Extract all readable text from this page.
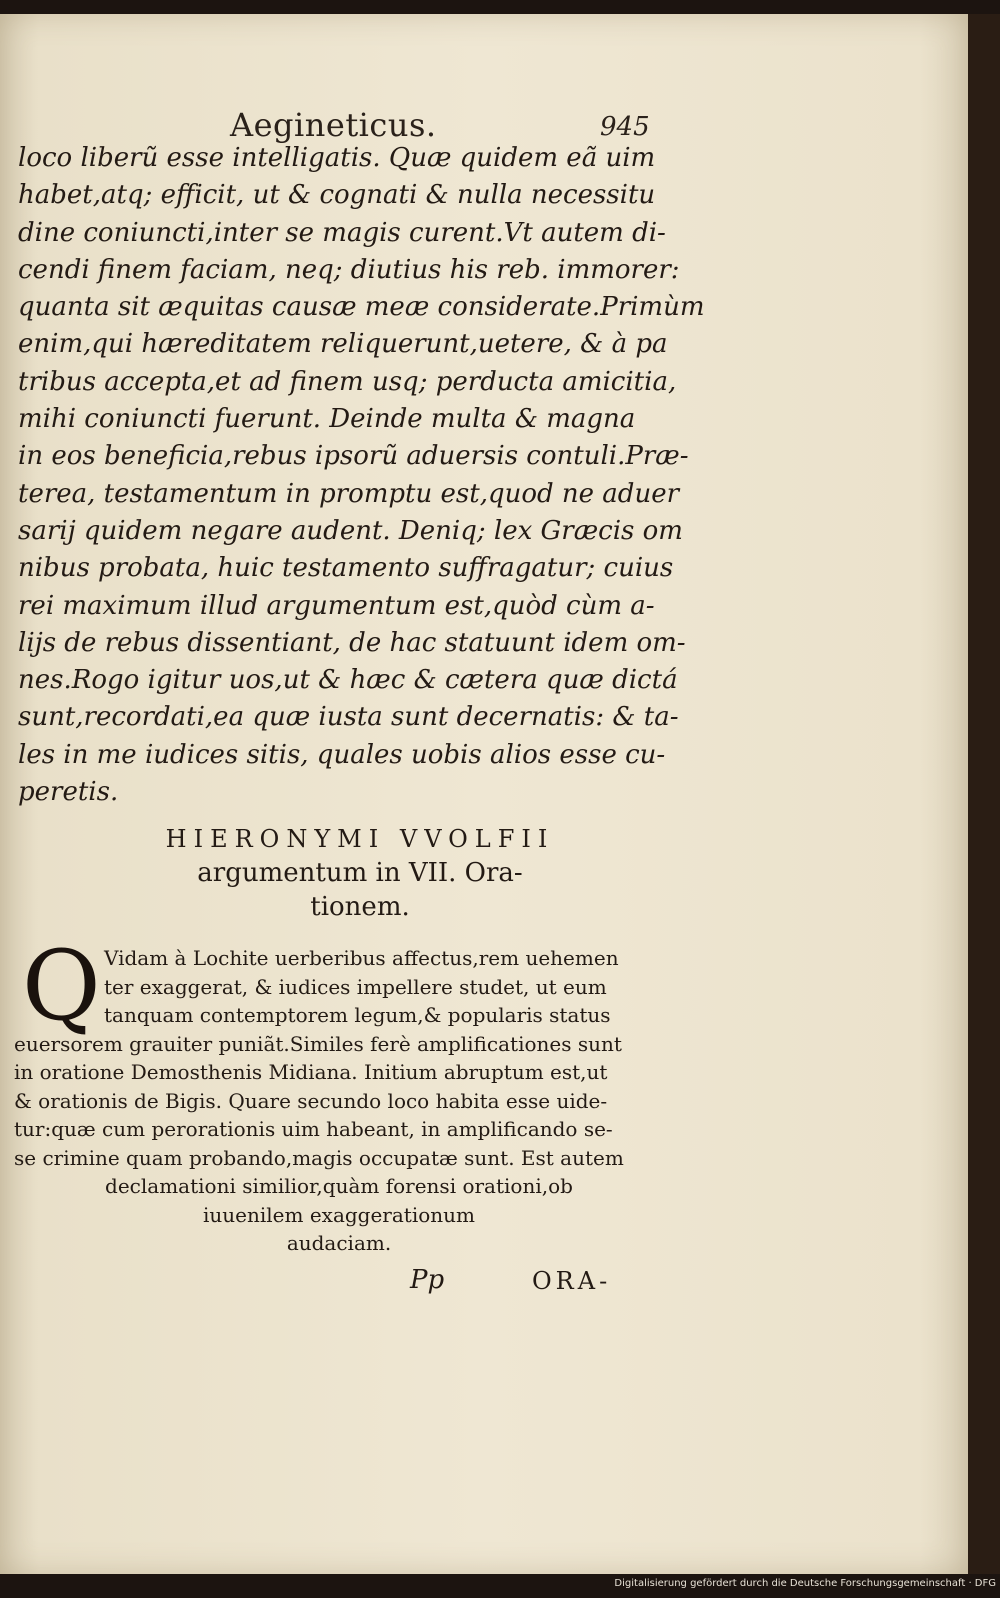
Aegineticus.	945
loco liberũ esse intelligatis. Quæ quidem eã uim
habet,atq; efficit, ut & cognati & nulla necessitu
dine coniuncti,inter se magis curent.Vt autem di-
cendi finem faciam, neq; diutius his reb. immorer:
quanta sit æquitas causæ meæ considerate.Primùm
enim,qui hæreditatem reliquerunt,uetere, & à pa
tribus accepta,et ad finem usq; perducta amicitia,
mihi coniuncti fuerunt. Deinde multa & magna
in eos beneficia,rebus ipsorũ aduersis contuli.Præ-
terea, testamentum in promptu est,quod ne aduer
sarij quidem negare audent. Deniq; lex Græcis om
nibus probata, huic testamento suffragatur; cuius
rei maximum illud argumentum est,quòd cùm a-
lijs de rebus dissentiant, de hac statuunt idem om-
nes.Rogo igitur uos,ut & hæc & cætera quæ dictá
sunt,recordati,ea quæ iusta sunt decernatis: & ta-
les in me iudices sitis, quales uobis alios esse cu-
peretis.
HIERONYMI VVOLFII
argumentum in VII. Ora-
tionem.
Q Vidam à Lochite uerberibus affectus,rem uehemen
ter exaggerat, & iudices impellere studet, ut eum
tanquam contemptorem legum,& popularis status
euersorem grauiter puniãt.Similes ferè amplificationes sunt
in oratione Demosthenis Midiana. Initium abruptum est,ut
& orationis de Bigis. Quare secundo loco habita esse uide-
tur:quæ cum perorationis uim habeant, in amplificando se-
se crimine quam probando,magis occupatæ sunt. Est autem
declamationi similior,quàm forensi orationi,ob
iuuenilem exaggerationum
audaciam.
Pp	ORA-
Digitalisierung gefördert durch die Deutsche Forschungsgemeinschaft · DFG
